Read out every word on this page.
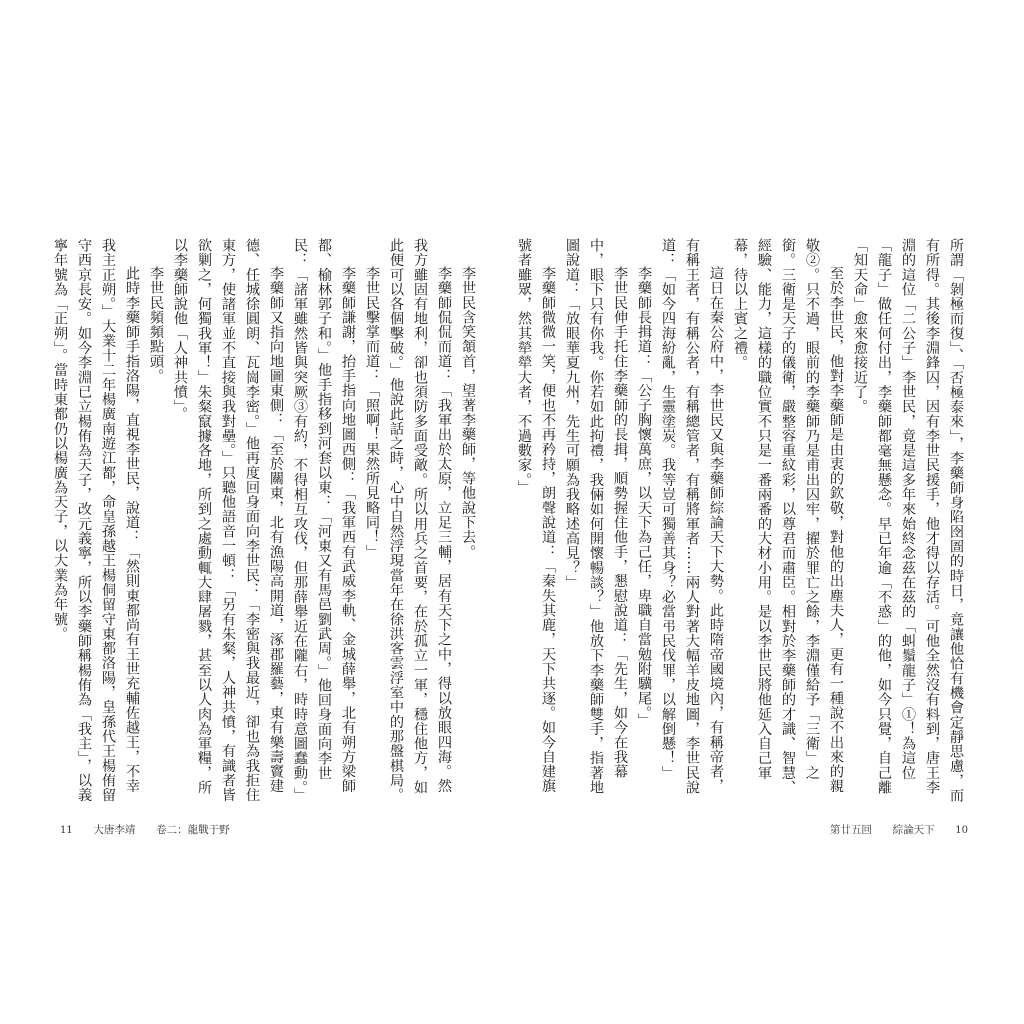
李世民含笑頷首，望著李藥師，等他說下去。

李藥師侃侃而道：「我軍出於太原，立足三輔，居有天下之中，得以放眼四海。然我方雖固有地利，卻也須防多面受敵。所以用兵之首要，在於孤立一軍，穩住他方，如此便可以各個擊破。」他說此話之時，心中自然浮現當年在徐洪客雲浮室中的那盤棋局。

李世民擊掌而道：「照啊！果然所見略同！」

李藥師謙謝，抬手指向地圖西側：「我軍西有武威李軌、金城薛舉，北有朔方梁師都、榆林郭子和。」他手指移到河套以東：「河東又有馬邑劉武周。」他回身面向李世民：「諸軍雖然皆與突厥③有約，不得相互攻伐，但那薛舉近在隴右，時時意圖蠢動。」

李藥師又指向地圖東側：「至於關東，北有漁陽高開道，涿郡羅藝，東有樂壽竇建德、任城徐圓朗、瓦崗李密。」他再度回身面向李世民：「李密與我最近，卻也為我拒住東方，使諸軍並不直接與我對壘。」只聽他語音一頓：「另有朱粲，人神共憤，有識者皆欲剿之，何獨我軍！」朱粲竄據各地，所到之處動輒大肆屠戮，甚至以人肉為軍糧，所以李藥師說他「人神共憤」。

李世民頻頻點頭。

此時李藥師手指洛陽，直視李世民，說道：「然則東都尚有王世充輔佐越王，不幸我主正朔。」大業十二年楊廣南遊江都，命皇孫越王楊侗留守東都洛陽，皇孫代王楊侑留守西京長安。如今李淵已立楊侑為天子，改元義寧，所以李藥師稱楊侑為「我主」，以義寧年號為「正朔」。當時東都仍以楊廣為天子，以大業為年號。

11 大唐李靖 卷二：龍戰于野

所謂「剝極而復」、「否極泰來」，李藥師身陷囹圄的時日，竟讓他恰有機會定靜思慮，而有所得。其後李淵鋒囚，因有李世民援手，他才得以存活。可他全然沒有料到，唐王李淵的這位「二公子」李世民，竟是這多年來始終念茲在茲的「虯鬚龍子」①！為這位「龍子」做任何付出，李藥師都毫無懸念。早已年逾「不惑」的他，如今只覺，自己離「知天命」愈來愈接近了。

至於李世民，他對李藥師是由衷的欽敬，對他的出塵夫人，更有一種說不出來的親敬②。只不過，眼前的李藥師乃是甫出囚牢，擢於罪亡之餘，李淵僅給予「三衛」之銜。三衛是天子的儀衛，嚴整容重紋彩，以尊君而肅臣。相對於李藥師的才識、智慧、經驗、能力，這樣的職位實不只是一番兩番的大材小用。是以李世民將他延入自己軍幕，待以上賓之禮。

這日在秦公府中，李世民又與李藥師綜論天下大勢。此時隋帝國境內，有稱帝者，有稱王者，有稱公者，有稱總管者，有稱將軍者……兩人對著大幅羊皮地圖，李世民說道：「如今四海紛亂，生靈塗炭。我等豈可獨善其身？必當弔民伐罪，以解倒懸！」

李藥師長揖道：「公子胸懷萬庶，以天下為己任，卑職自當勉附驥尾。」

李世民伸手托住李藥師的長揖，順勢握住他手，懇慰說道：「先生，如今在我幕中，眼下只有你我。你若如此拘禮，我倆如何開懷暢談？」他放下李藥師雙手，指著地圖說道：「放眼華夏九州，先生可願為我略述高見？」

李藥師微微一笑，便也不再矜持，朗聲說道：「秦失其鹿，天下共逐。如今自建旗號者雖眾，然其犖犖大者，不過數家。」

第廿五回 綜論天下 10
